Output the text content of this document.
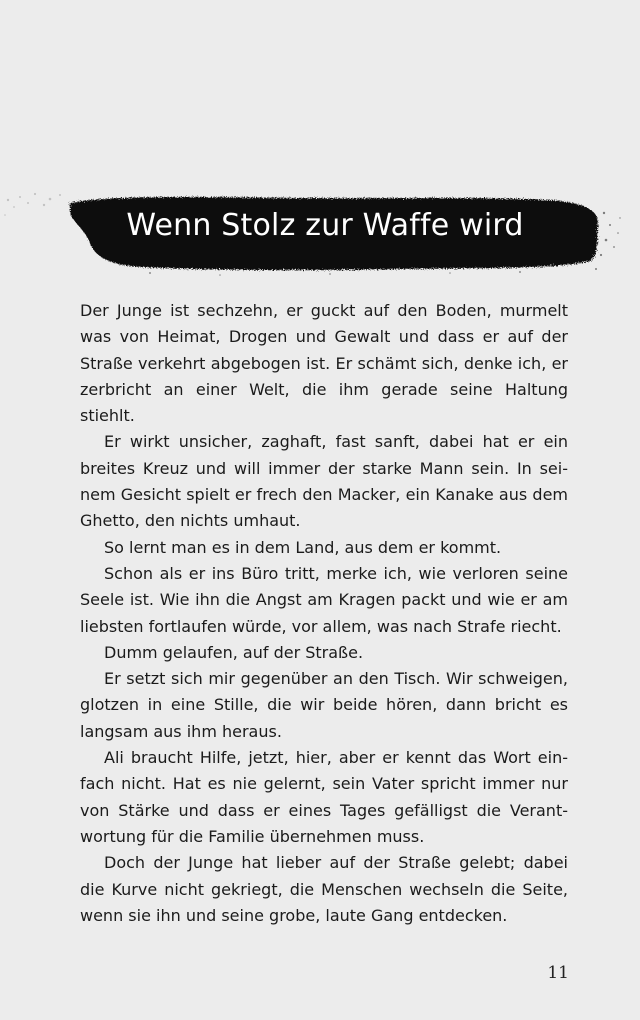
Wenn Stolz zur Waffe wird

Der Junge ist sechzehn, er guckt auf den Boden, murmelt was von Heimat, Drogen und Gewalt und dass er auf der Straße verkehrt abgebogen ist. Er schämt sich, denke ich, er zerbricht an einer Welt, die ihm gerade seine Haltung stiehlt.

Er wirkt unsicher, zaghaft, fast sanft, dabei hat er ein breites Kreuz und will immer der starke Mann sein. In seinem Gesicht spielt er frech den Macker, ein Kanake aus dem Ghetto, den nichts umhaut.

So lernt man es in dem Land, aus dem er kommt.

Schon als er ins Büro tritt, merke ich, wie verloren seine Seele ist. Wie ihn die Angst am Kragen packt und wie er am liebsten fortlaufen würde, vor allem, was nach Strafe riecht.

Dumm gelaufen, auf der Straße.

Er setzt sich mir gegenüber an den Tisch. Wir schweigen, glotzen in eine Stille, die wir beide hören, dann bricht es langsam aus ihm heraus.

Ali braucht Hilfe, jetzt, hier, aber er kennt das Wort einfach nicht. Hat es nie gelernt, sein Vater spricht immer nur von Stärke und dass er eines Tages gefälligst die Verantwortung für die Familie übernehmen muss.

Doch der Junge hat lieber auf der Straße gelebt; dabei die Kurve nicht gekriegt, die Menschen wechseln die Seite, wenn sie ihn und seine grobe, laute Gang entdecken.

11
